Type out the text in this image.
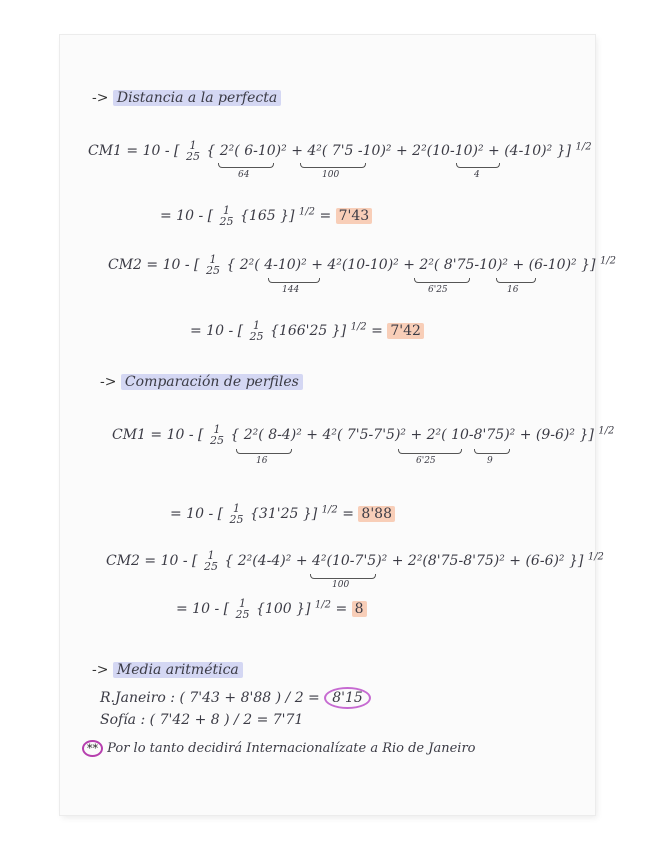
-> Distancia a la perfecta
CM1 = 10 - [ 1
25 { 2²( 6-10)² + 4²( 7'5 -10)² + 2²(10-10)² + (4-10)² }] $^{1/2}$
64	100	4
= 10 - [ 1
25 {165 }] $^{1/2}$ = 7'43
CM2 = 10 - [ 1
25 { 2²( 4-10)² + 4²(10-10)² + 2²( 8'75-10)² + (6-10)² }] $^{1/2}$
144	6'25	16
= 10 - [ 1
25 {166'25 }] $^{1/2}$ = 7'42
-> Comparación de perfiles
CM1 = 10 - [ 1
25 { 2²( 8-4)² + 4²( 7'5-7'5)² + 2²( 10-8'75)² + (9-6)² }] $^{1/2}$
16	6'25	9
= 10 - [ 1
25 {31'25 }] $^{1/2}$ = 8'88
CM2 = 10 - [ 1
25 { 2²(4-4)² + 4²(10-7'5)² + 2²(8'75-8'75)² + (6-6)² }] $^{1/2}$
100
= 10 - [ 1
25 {100 }] $^{1/2}$ = 8
-> Media aritmética
R.Janeiro : ( 7'43 + 8'88 ) / 2 = 8'15
Sofía : ( 7'42 + 8 ) / 2 = 7'71
** Por lo tanto decidirá Internacionalízate a Rio de Janeiro
